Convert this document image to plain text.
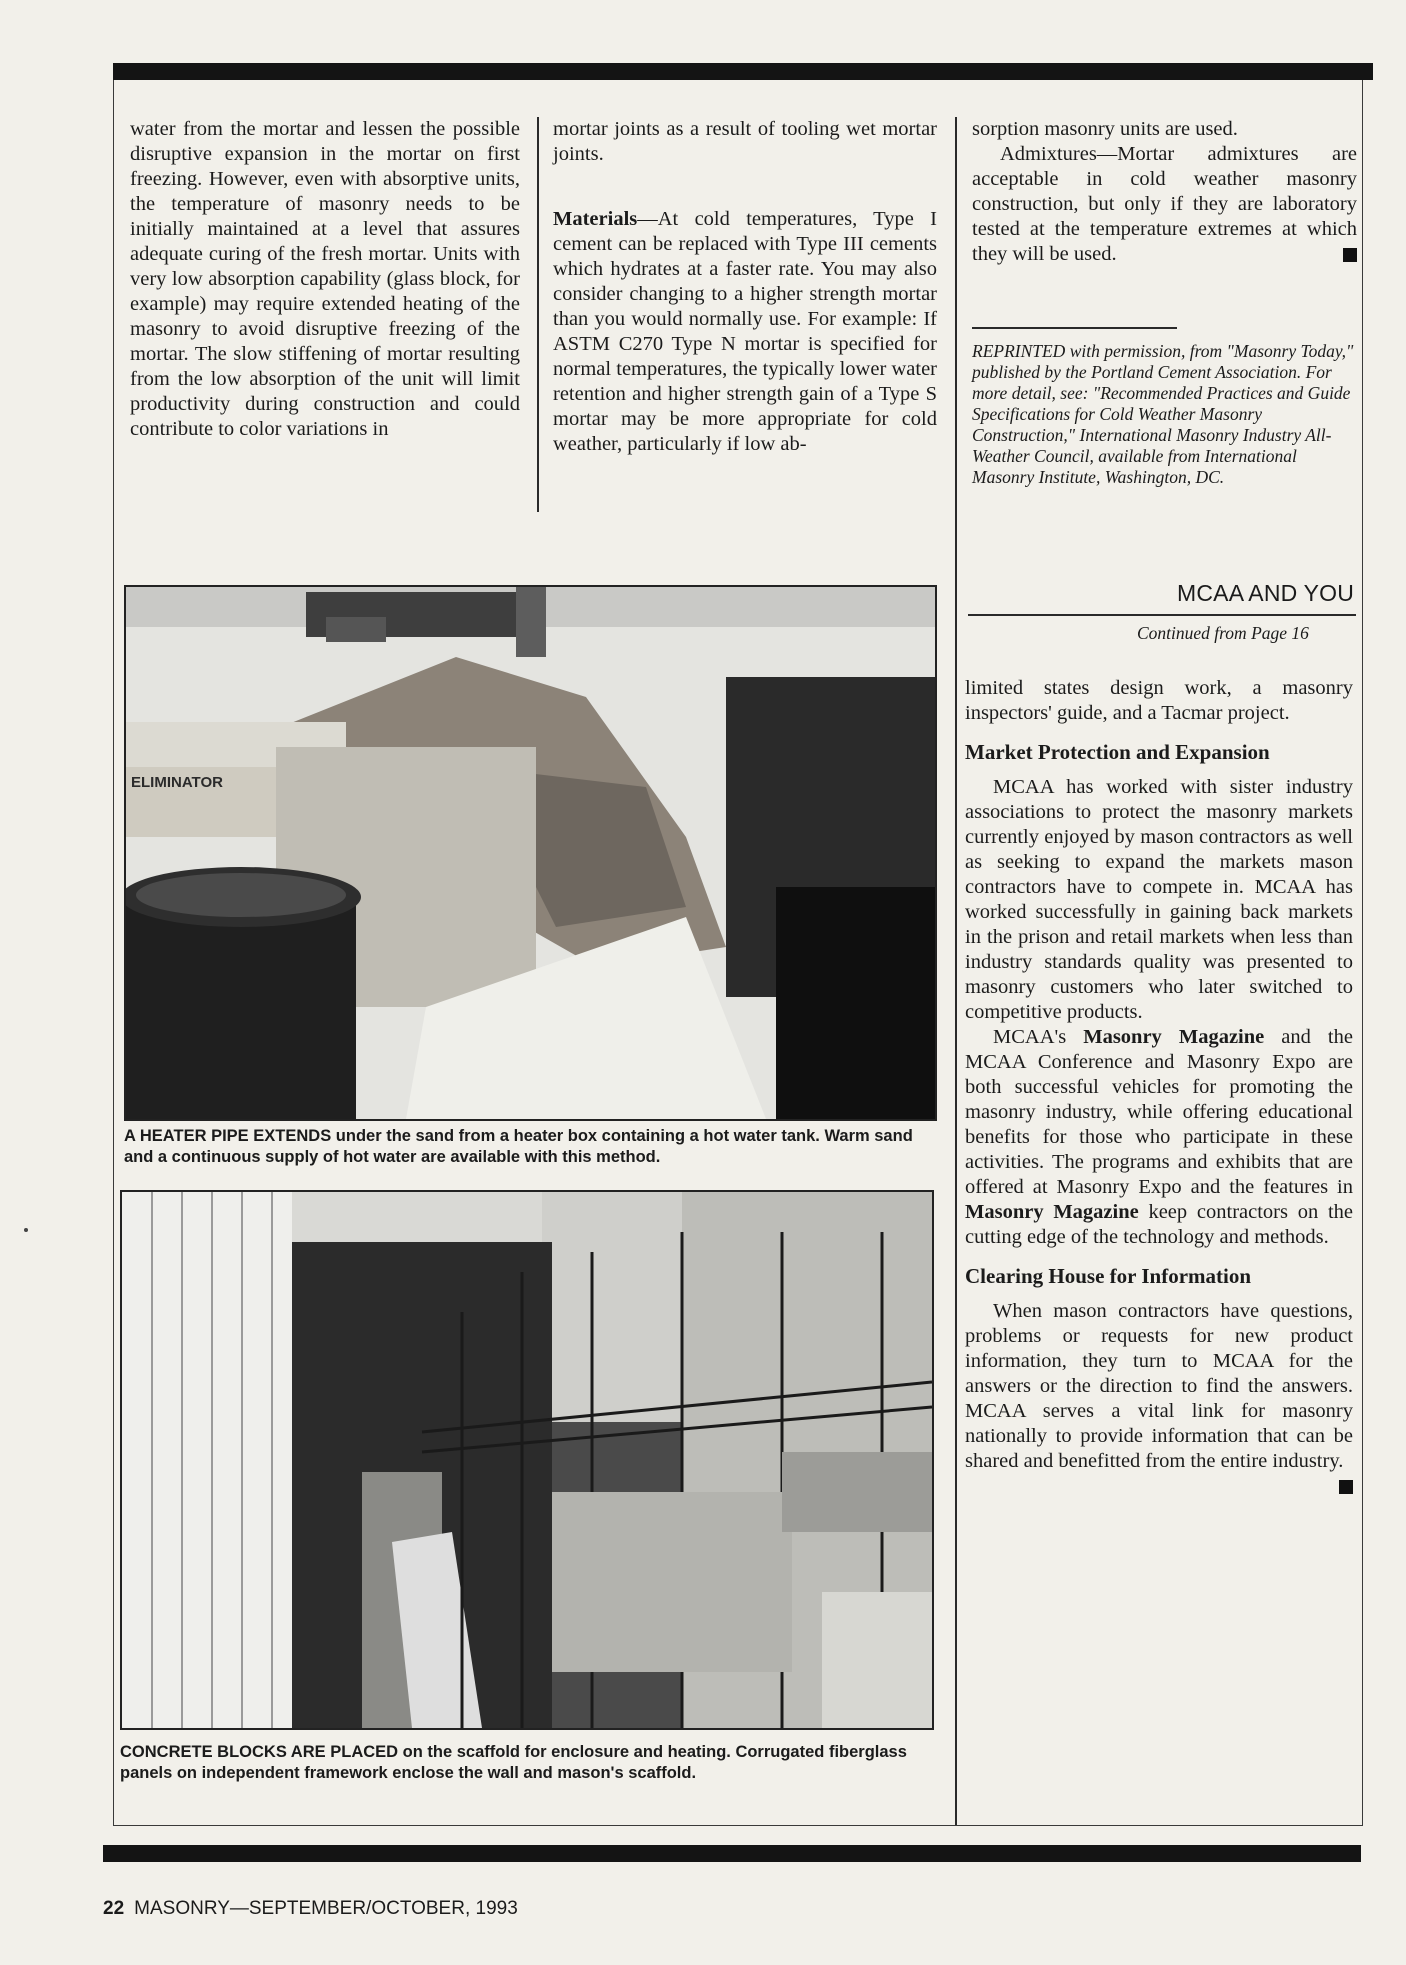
water from the mortar and lessen the possible disruptive expansion in the mortar on first freezing. However, even with absorptive units, the temperature of masonry needs to be initially maintained at a level that assures adequate curing of the fresh mortar. Units with very low absorption capability (glass block, for example) may require extended heating of the masonry to avoid disruptive freezing of the mortar. The slow stiffening of mortar resulting from the low absorption of the unit will limit productivity during construction and could contribute to color variations in

mortar joints as a result of tooling wet mortar joints.

Materials—At cold temperatures, Type I cement can be replaced with Type III cements which hydrates at a faster rate. You may also consider changing to a higher strength mortar than you would normally use. For example: If ASTM C270 Type N mortar is specified for normal temperatures, the typically lower water retention and higher strength gain of a Type S mortar may be more appropriate for cold weather, particularly if low ab-

sorption masonry units are used.

Admixtures—Mortar admixtures are acceptable in cold weather masonry construction, but only if they are laboratory tested at the temperature extremes at which they will be used.

REPRINTED with permission, from "Masonry Today," published by the Portland Cement Association. For more detail, see: "Recommended Practices and Guide Specifications for Cold Weather Masonry Construction," International Masonry Industry All-Weather Council, available from International Masonry Institute, Washington, DC.
MCAA AND YOU
Continued from Page 16

limited states design work, a masonry inspectors' guide, and a Tacmar project.

Market Protection and Expansion

MCAA has worked with sister industry associations to protect the masonry markets currently enjoyed by mason contractors as well as seeking to expand the markets mason contractors have to compete in. MCAA has worked successfully in gaining back markets in the prison and retail markets when less than industry standards quality was presented to masonry customers who later switched to competitive products.

MCAA's Masonry Magazine and the MCAA Conference and Masonry Expo are both successful vehicles for promoting the masonry industry, while offering educational benefits for those who participate in these activities. The programs and exhibits that are offered at Masonry Expo and the features in Masonry Magazine keep contractors on the cutting edge of the technology and methods.

Clearing House for Information

When mason contractors have questions, problems or requests for new product information, they turn to MCAA for the answers or the direction to find the answers. MCAA serves a vital link for masonry nationally to provide information that can be shared and benefitted from the entire industry.

ELIMINATOR
A HEATER PIPE EXTENDS under the sand from a heater box containing a hot water tank. Warm sand and a continuous supply of hot water are available with this method.
CONCRETE BLOCKS ARE PLACED on the scaffold for enclosure and heating. Corrugated fiberglass panels on independent framework enclose the wall and mason's scaffold.
22 MASONRY—SEPTEMBER/OCTOBER, 1993
